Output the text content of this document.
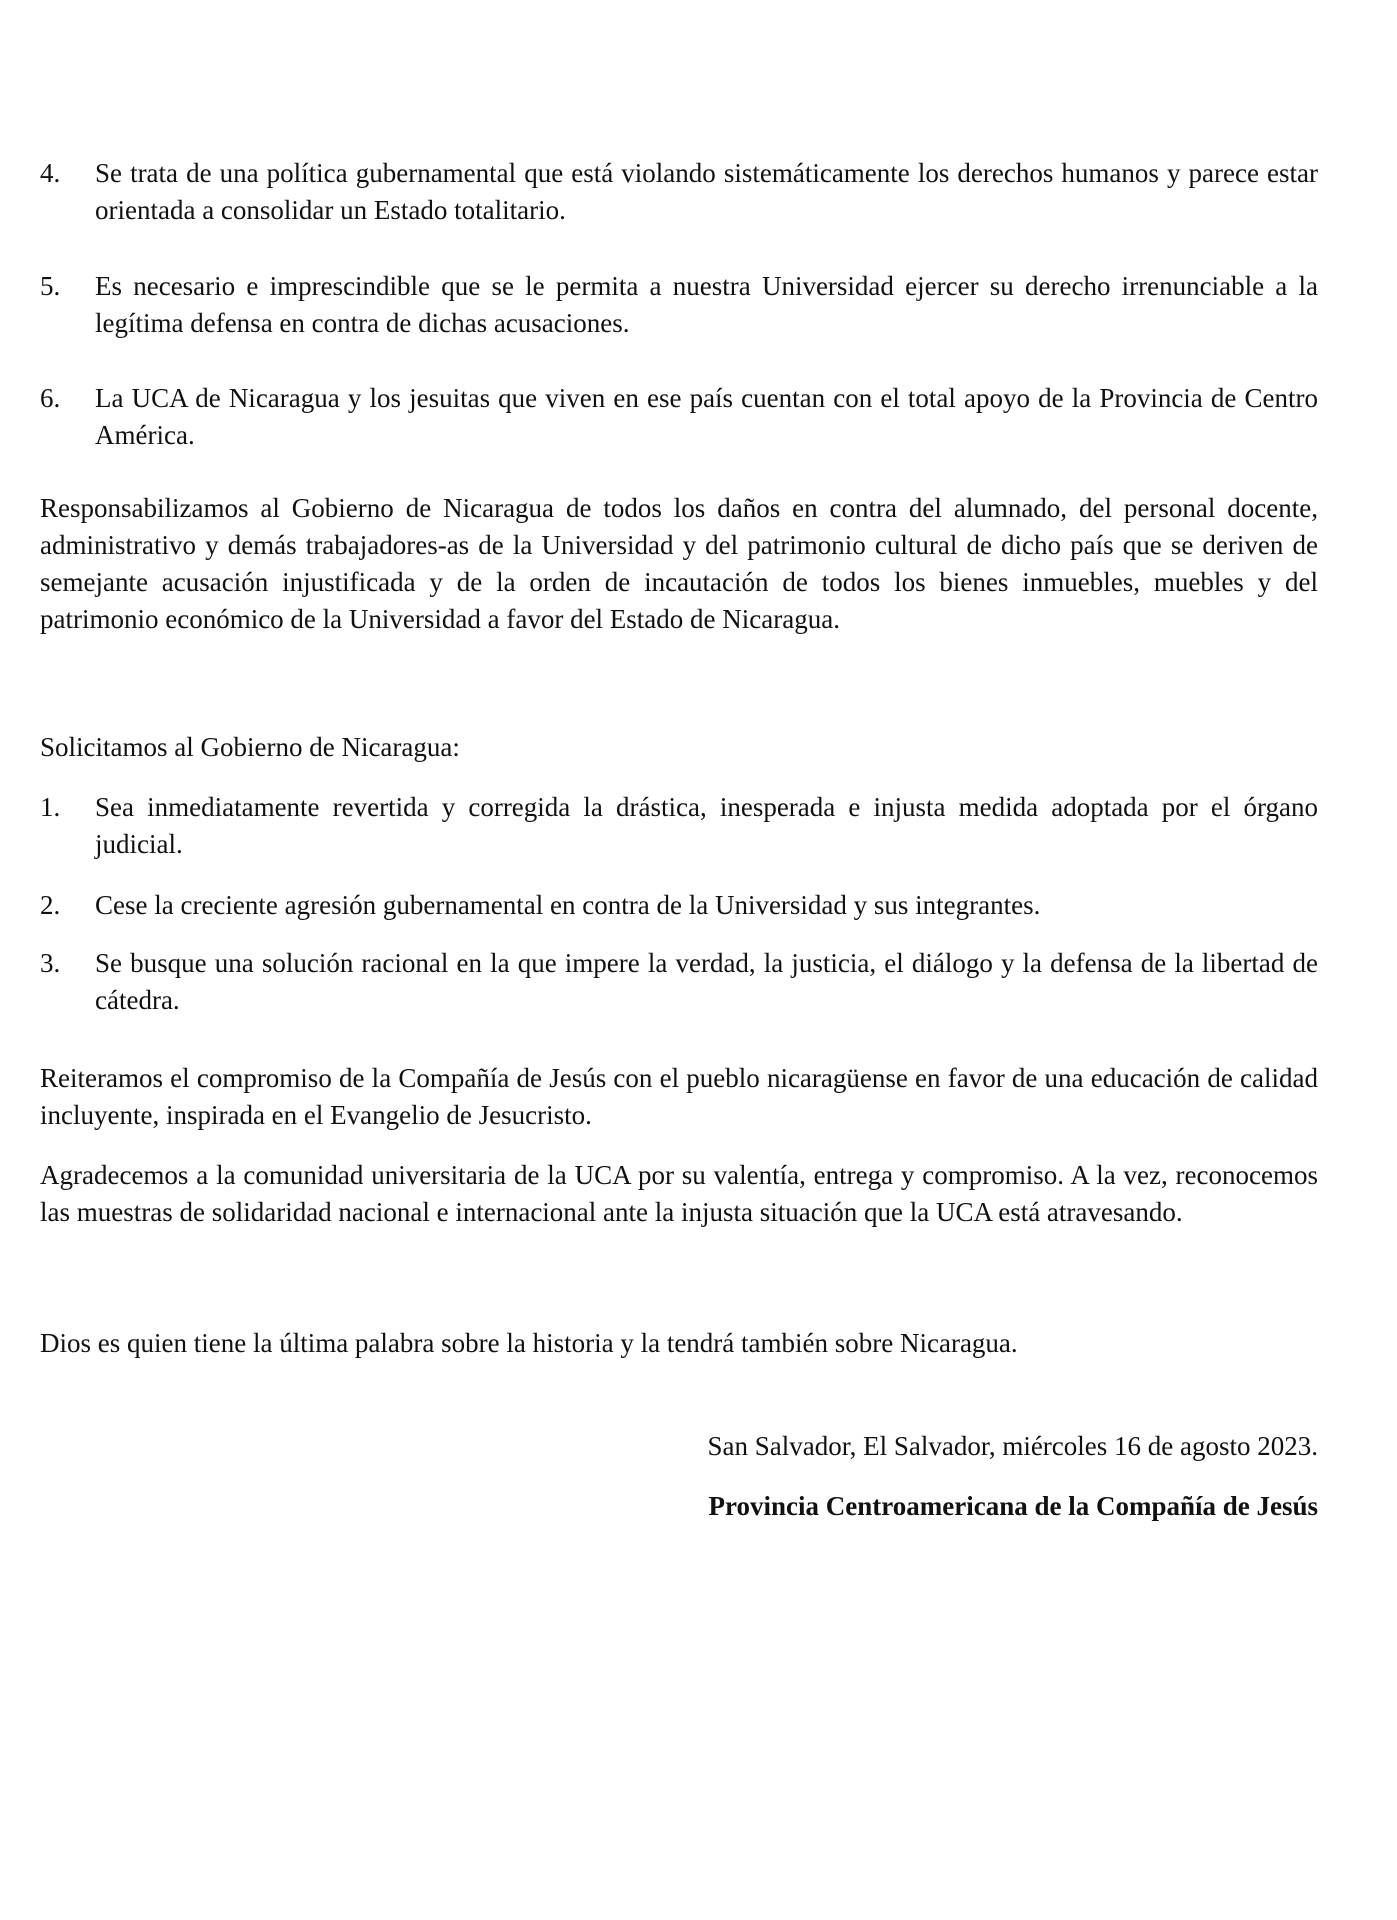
4.	Se trata de una política gubernamental que está violando sistemáticamente los derechos humanos y parece estar orientada a consolidar un Estado totalitario.
5.	Es necesario e imprescindible que se le permita a nuestra Universidad ejercer su derecho irrenunciable a la legítima defensa en contra de dichas acusaciones.
6.	La UCA de Nicaragua y los jesuitas que viven en ese país cuentan con el total apoyo de la Provincia de Centro América.

Responsabilizamos al Gobierno de Nicaragua de todos los daños en contra del alumnado, del personal docente, administrativo y demás trabajadores-as de la Universidad y del patrimonio cultural de dicho país que se deriven de semejante acusación injustificada y de la orden de incautación de todos los bienes inmuebles, muebles y del patrimonio económico de la Universidad a favor del Estado de Nicaragua.

Solicitamos al Gobierno de Nicaragua:

1.	Sea inmediatamente revertida y corregida la drástica, inesperada e injusta medida adoptada por el órgano judicial.
2.	Cese la creciente agresión gubernamental en contra de la Universidad y sus integrantes.
3.	Se busque una solución racional en la que impere la verdad, la justicia, el diálogo y la defensa de la libertad de cátedra.

Reiteramos el compromiso de la Compañía de Jesús con el pueblo nicaragüense en favor de una educación de calidad incluyente, inspirada en el Evangelio de Jesucristo.

Agradecemos a la comunidad universitaria de la UCA por su valentía, entrega y compromiso. A la vez, reconocemos las muestras de solidaridad nacional e internacional ante la injusta situación que la UCA está atravesando.

Dios es quien tiene la última palabra sobre la historia y la tendrá también sobre Nicaragua.

San Salvador, El Salvador, miércoles 16 de agosto 2023.
Provincia Centroamericana de la Compañía de Jesús
